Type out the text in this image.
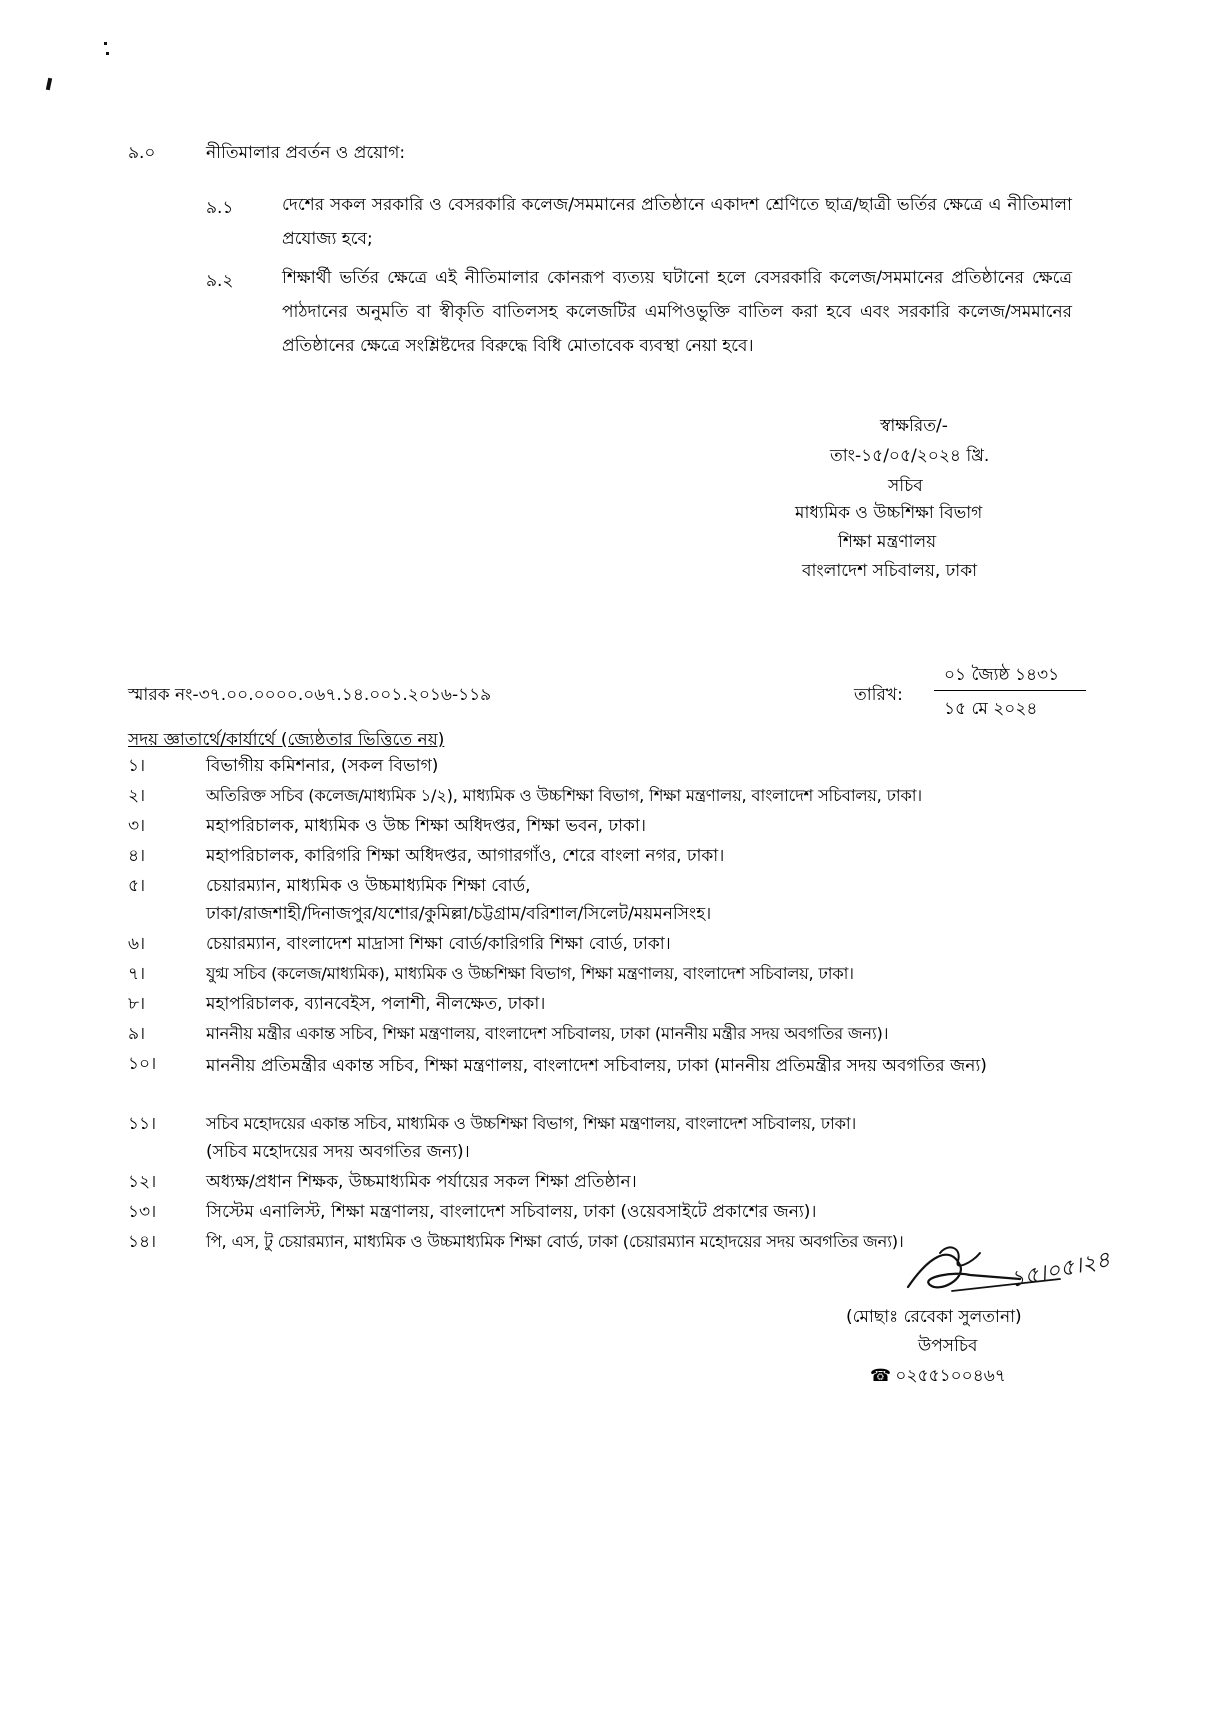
৯.০	নীতিমালার প্রবর্তন ও প্রয়োগ:
৯.১	দেশের সকল সরকারি ও বেসরকারি কলেজ/সমমানের প্রতিষ্ঠানে একাদশ শ্রেণিতে ছাত্র/ছাত্রী ভর্তির ক্ষেত্রে এ নীতিমালা প্রযোজ্য হবে;
৯.২	শিক্ষার্থী ভর্তির ক্ষেত্রে এই নীতিমালার কোনরূপ ব্যত্যয় ঘটানো হলে বেসরকারি কলেজ/সমমানের প্রতিষ্ঠানের ক্ষেত্রে পাঠদানের অনুমতি বা স্বীকৃতি বাতিলসহ কলেজটির এমপিওভুক্তি বাতিল করা হবে এবং সরকারি কলেজ/সমমানের প্রতিষ্ঠানের ক্ষেত্রে সংশ্লিষ্টদের বিরুদ্ধে বিধি মোতাবেক ব্যবস্থা নেয়া হবে।
স্বাক্ষরিত/-
তাং-১৫/০৫/২০২৪ খ্রি.
সচিব
মাধ্যমিক ও উচ্চশিক্ষা বিভাগ
শিক্ষা মন্ত্রণালয়
বাংলাদেশ সচিবালয়, ঢাকা
স্মারক নং-৩৭.০০.০০০০.০৬৭.১৪.০০১.২০১৬-১১৯	তারিখ:
০১ জ্যৈষ্ঠ ১৪৩১
১৫ মে ২০২৪
সদয় জ্ঞাতার্থে/কার্যার্থে (জ্যেষ্ঠতার ভিত্তিতে নয়)
১।	বিভাগীয় কমিশনার, (সকল বিভাগ)
২।	অতিরিক্ত সচিব (কলেজ/মাধ্যমিক ১/২), মাধ্যমিক ও উচ্চশিক্ষা বিভাগ, শিক্ষা মন্ত্রণালয়, বাংলাদেশ সচিবালয়, ঢাকা।
৩।	মহাপরিচালক, মাধ্যমিক ও উচ্চ শিক্ষা অধিদপ্তর, শিক্ষা ভবন, ঢাকা।
৪।	মহাপরিচালক, কারিগরি শিক্ষা অধিদপ্তর, আগারগাঁও, শেরে বাংলা নগর, ঢাকা।
৫।	চেয়ারম্যান, মাধ্যমিক ও উচ্চমাধ্যমিক শিক্ষা বোর্ড,
ঢাকা/রাজশাহী/দিনাজপুর/যশোর/কুমিল্লা/চট্টগ্রাম/বরিশাল/সিলেট/ময়মনসিংহ।
৬।	চেয়ারম্যান, বাংলাদেশ মাদ্রাসা শিক্ষা বোর্ড/কারিগরি শিক্ষা বোর্ড, ঢাকা।
৭।	যুগ্ম সচিব (কলেজ/মাধ্যমিক), মাধ্যমিক ও উচ্চশিক্ষা বিভাগ, শিক্ষা মন্ত্রণালয়, বাংলাদেশ সচিবালয়, ঢাকা।
৮।	মহাপরিচালক, ব্যানবেইস, পলাশী, নীলক্ষেত, ঢাকা।
৯।	মাননীয় মন্ত্রীর একান্ত সচিব, শিক্ষা মন্ত্রণালয়, বাংলাদেশ সচিবালয়, ঢাকা (মাননীয় মন্ত্রীর সদয় অবগতির জন্য)।
১০।	মাননীয় প্রতিমন্ত্রীর একান্ত সচিব, শিক্ষা মন্ত্রণালয়, বাংলাদেশ সচিবালয়, ঢাকা (মাননীয় প্রতিমন্ত্রীর সদয় অবগতির জন্য)
১১।	সচিব মহোদয়ের একান্ত সচিব, মাধ্যমিক ও উচ্চশিক্ষা বিভাগ, শিক্ষা মন্ত্রণালয়, বাংলাদেশ সচিবালয়, ঢাকা।
(সচিব মহোদয়ের সদয় অবগতির জন্য)।
১২।	অধ্যক্ষ/প্রধান শিক্ষক, উচ্চমাধ্যমিক পর্যায়ের সকল শিক্ষা প্রতিষ্ঠান।
১৩।	সিস্টেম এনালিস্ট, শিক্ষা মন্ত্রণালয়, বাংলাদেশ সচিবালয়, ঢাকা (ওয়েবসাইটে প্রকাশের জন্য)।
১৪।	পি, এস, টু চেয়ারম্যান, মাধ্যমিক ও উচ্চমাধ্যমিক শিক্ষা বোর্ড, ঢাকা (চেয়ারম্যান মহোদয়ের সদয় অবগতির জন্য)।
১৫।০৫।২৪
(মোছাঃ রেবেকা সুলতানা)
উপসচিব
☎ ০২৫৫১০০৪৬৭
